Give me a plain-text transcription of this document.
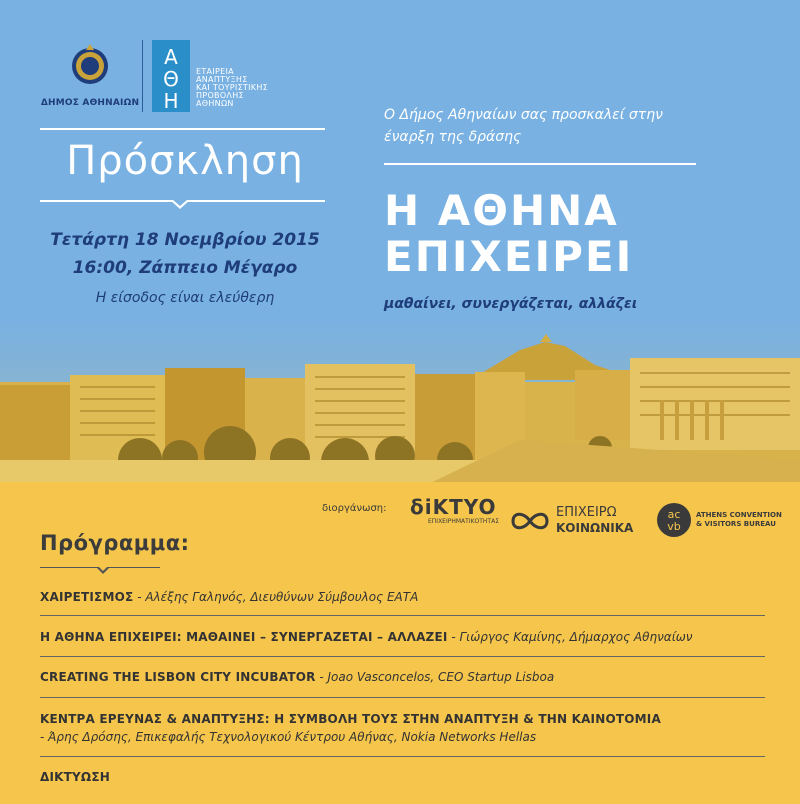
ΔΗΜΟΣ ΑΘΗΝΑΙΩΝ
Α
Θ
Η
ΕΤΑΙΡΕΙΑ
ΑΝΑΠΤΥΞΗΣ
ΚΑΙ ΤΟΥΡΙΣΤΙΚΗΣ
ΠΡΟΒΟΛΗΣ
ΑΘΗΝΩΝ
Πρόσκληση
Τετάρτη 18 Νοεμβρίου 2015
16:00, Ζάππειο Μέγαρο
Η είσοδος είναι ελεύθερη
Ο Δήμος Αθηναίων σας προσκαλεί στην
έναρξη της δράσης
Η ΑΘΗΝΑ
ΕΠΙΧΕΙΡΕΙ
μαθαίνει, συνεργάζεται, αλλάζει
διοργάνωση: δiKTYO
ΕΠΙΧΕΙΡΗΜΑΤΙΚΟΤΗΤΑΣ
ΕΠΙΧΕΙΡΩ
ΚΟΙΝΩΝΙΚΑ
ac
vb
ATHENS CONVENTION
& VISITORS BUREAU
Πρόγραμμα:
ΧΑΙΡΕΤΙΣΜΟΣ - Αλέξης Γαληνός, Διευθύνων Σύμβουλος ΕΑΤΑ
Η ΑΘΗΝΑ ΕΠΙΧΕΙΡΕΙ: ΜΑΘΑΙΝΕΙ – ΣΥΝΕΡΓΑΖΕΤΑΙ – ΑΛΛΑΖΕΙ - Γιώργος Καμίνης, Δήμαρχος Αθηναίων
CREATING THE LISBON CITY INCUBATOR - Joao Vasconcelos, CEO Startup Lisboa
ΚΕΝΤΡΑ ΕΡΕΥΝΑΣ & ΑΝΑΠΤΥΞΗΣ: Η ΣΥΜΒΟΛΗ ΤΟΥΣ ΣΤΗΝ ΑΝΑΠΤΥΞΗ & ΤΗΝ ΚΑΙΝΟΤΟΜΙΑ
- Άρης Δρόσης, Επικεφαλής Τεχνολογικού Κέντρου Αθήνας, Nokia Networks Hellas
ΔΙΚΤΥΩΣΗ
